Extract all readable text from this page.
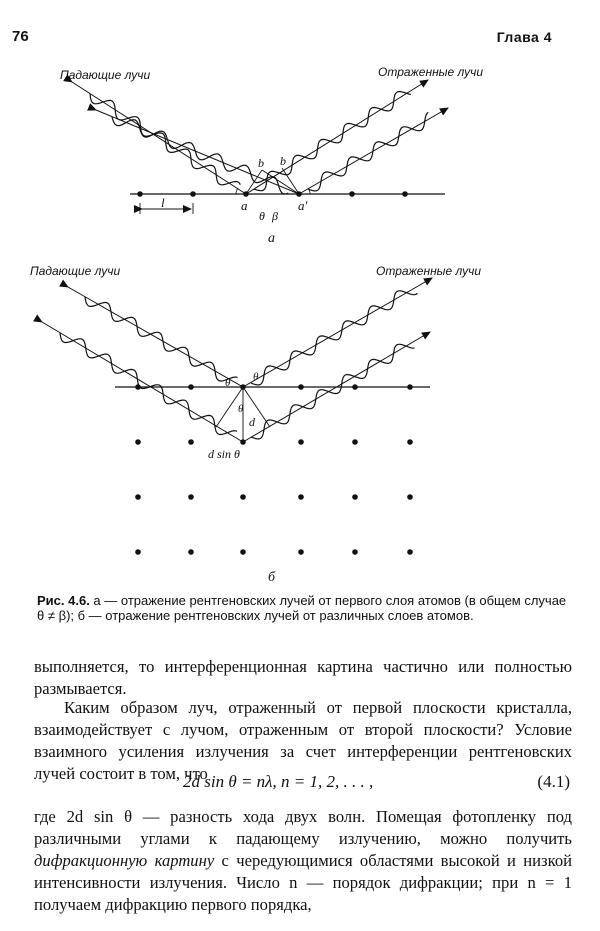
76	Глава 4
Падающие лучи	Отраженные лучи
b b
a	a′
θ β
l
а
Падающие лучи	Отраженные лучи
θ θ
θ
d
d sin θ
б
Рис. 4.6. а — отражение рентгеновских лучей от первого слоя атомов (в общем случае θ ≠ β); б — отражение рентгеновских лучей от различных слоев атомов.
выполняется, то интерференционная картина частично или полностью размывается.
Каким образом луч, отраженный от первой плоскости кристалла, взаимодействует с лучом, отраженным от второй плоскости? Условие взаимного усиления излучения за счет интерференции рентгеновских лучей состоит в том, что
2d sin θ = nλ, n = 1, 2, . . . ,	(4.1)
где 2d sin θ — разность хода двух волн. Помещая фотопленку под различными углами к падающему излучению, можно получить дифракционную картину с чередующимися областями высокой и низкой интенсивности излучения. Число n — порядок дифракции; при n = 1 получаем дифракцию первого порядка,
